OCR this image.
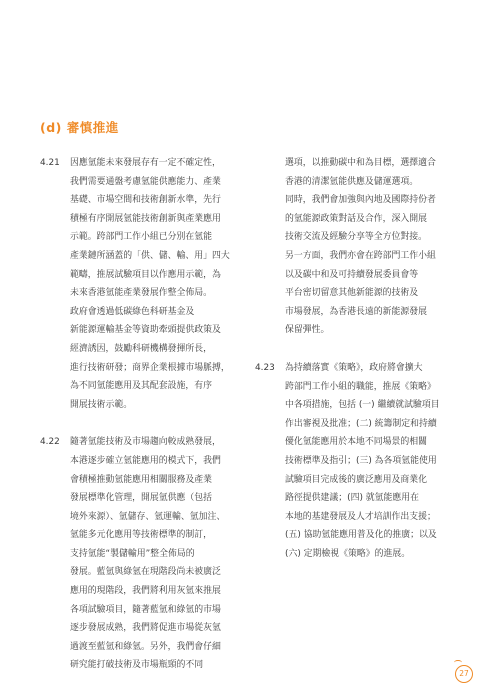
(d) 審慎推進
4.21 因應氫能未來發展存有一定不確定性，
我們需要通盤考慮氫能供應能力、產業
基礎、市場空間和技術創新水準，先行
積極有序開展氫能技術創新與產業應用
示範。跨部門工作小組已分別在氫能
產業鏈所涵蓋的「供、儲、輸、用」四大
範疇，推展試驗項目以作應用示範，為
未來香港氫能產業發展作整全佈局。
政府會透過低碳綠色科研基金及
新能源運輸基金等資助牽頭提供政策及
經濟誘因，鼓勵科研機構發揮所長，
進行技術研發；商界企業根據市場脈搏，
為不同氫能應用及其配套設施，有序
開展技術示範。
4.22 隨著氫能技術及市場趨向較成熟發展，
本港逐步確立氫能應用的模式下，我們
會積極推動氫能應用相關服務及產業
發展標準化管理，開展氫供應（包括
境外來源）、氫儲存、氫運輸、氫加注、
氫能多元化應用等技術標準的制訂，
支持氫能“製儲輸用”整全佈局的
發展。藍氫與綠氫在現階段尚未被廣泛
應用的現階段，我們將利用灰氫來推展
各項試驗項目，隨著藍氫和綠氫的市場
逐步發展成熟，我們將促進市場從灰氫
過渡至藍氫和綠氫。另外，我們會仔細
研究能打破技術及市場瓶頸的不同
選項，以推動碳中和為目標，選擇適合
香港的清潔氫能供應及儲運選項。
同時，我們會加強與內地及國際持份者
的氫能源政策對話及合作，深入開展
技術交流及經驗分享等全方位對接。
另一方面，我們亦會在跨部門工作小組
以及碳中和及可持續發展委員會等
平台密切留意其他新能源的技術及
市場發展，為香港長遠的新能源發展
保留彈性。
4.23 為持續落實《策略》，政府將會擴大
跨部門工作小組的職能，推展《策略》
中各項措施，包括 (一) 繼續就試驗項目
作出審視及批准；(二) 統籌制定和持續
優化氫能應用於本地不同場景的相關
技術標準及指引；(三) 為各項氫能使用
試驗項目完成後的廣泛應用及商業化
路徑提供建議；(四) 就氫能應用在
本地的基建發展及人才培訓作出支援；
(五) 協助氫能應用普及化的推廣；以及
(六) 定期檢視《策略》的進展。
27
